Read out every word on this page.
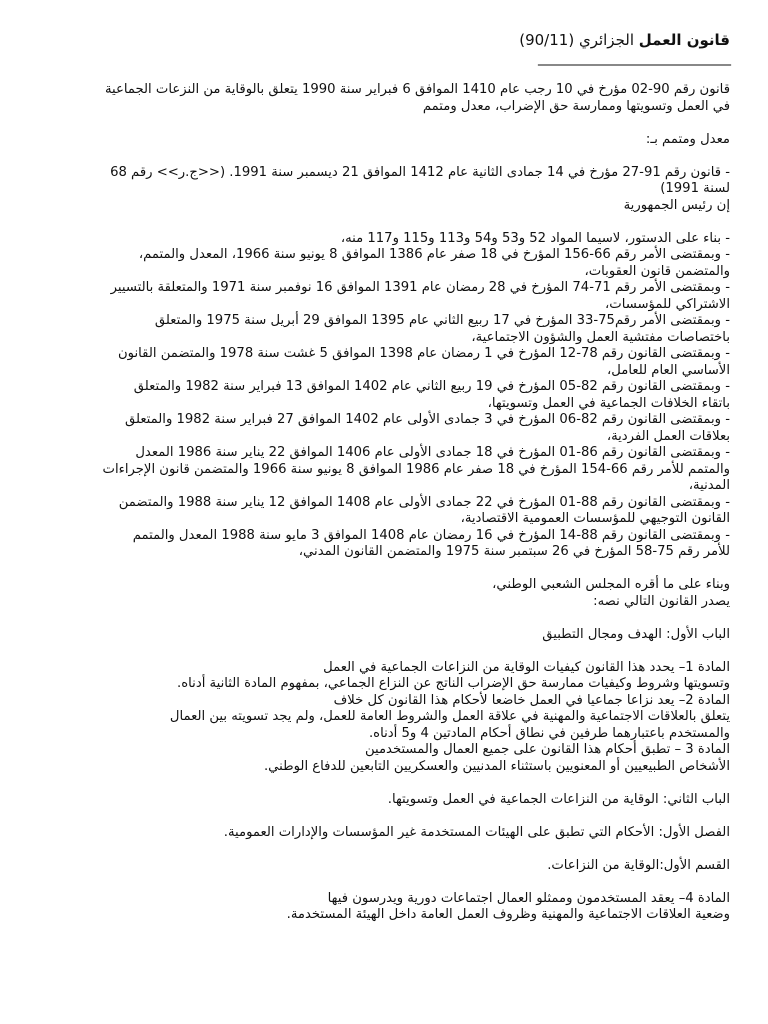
قانون العمل الجزائري (90/11)

________________________________

قانون رقم 90-02 مؤرخ في 10 رجب عام 1410 الموافق 6 فبراير سنة 1990 يتعلق بالوقاية من النزعات الجماعية

في العمل وتسويتها وممارسة حق الإضراب، معدل ومتمم

معدل ومتمم بـ:

- قانون رقم 91-27 مؤرخ في 14 جمادى الثانية عام 1412 الموافق 21 ديسمبر سنة 1991. (<<ج.ر>> رقم 68

لسنة 1991)

إن رئيس الجمهورية

- بناء على الدستور، لاسيما المواد 52 و53 و54 و113 و115 و117 منه،

- وبمقتضى الأمر رقم 66-156 المؤرخ في 18 صفر عام 1386 الموافق 8 يونيو سنة 1966، المعدل والمتمم،

والمتضمن قانون العقوبات،

- وبمقتضى الأمر رقم 71-74 المؤرخ في 28 رمضان عام 1391 الموافق 16 نوفمبر سنة 1971 والمتعلقة بالتسيير

الاشتراكي للمؤسسات،

- وبمقتضى الأمر رقم75-33 المؤرخ في 17 ربيع الثاني عام 1395 الموافق 29 أبريل سنة 1975 والمتعلق

باختصاصات مفتشية العمل والشؤون الاجتماعية،

- وبمقتضى القانون رقم 78-12 المؤرخ في 1 رمضان عام 1398 الموافق 5 غشت سنة 1978 والمتضمن القانون

الأساسي العام للعامل،

- وبمقتضى القانون رقم 82-05 المؤرخ في 19 ربيع الثاني عام 1402 الموافق 13 فبراير سنة 1982 والمتعلق

باتقاء الخلافات الجماعية في العمل وتسويتها،

- وبمقتضى القانون رقم 82-06 المؤرخ في 3 جمادى الأولى عام 1402 الموافق 27 فبراير سنة 1982 والمتعلق

بعلاقات العمل الفردية،

- وبمقتضى القانون رقم 86-01 المؤرخ في 18 جمادى الأولى عام 1406 الموافق 22 يناير سنة 1986 المعدل

والمتمم للأمر رقم 66-154 المؤرخ في 18 صفر عام 1986 الموافق 8 يونيو سنة 1966 والمتضمن قانون الإجراءات

المدنية،

- وبمقتضى القانون رقم 88-01 المؤرخ في 22 جمادى الأولى عام 1408 الموافق 12 يناير سنة 1988 والمتضمن

القانون التوجيهي للمؤسسات العمومية الاقتصادية،

- وبمقتضى القانون رقم 88-14 المؤرخ في 16 رمضان عام 1408 الموافق 3 مايو سنة 1988 المعدل والمتمم

للأمر رقم 75-58 المؤرخ في 26 سبتمبر سنة 1975 والمتضمن القانون المدني،

وبناء على ما أقره المجلس الشعبي الوطني،

يصدر القانون التالي نصه:

الباب الأول: الهدف ومجال التطبيق

المادة 1– يحدد هذا القانون كيفيات الوقاية من النزاعات الجماعية في العمل

وتسويتها وشروط وكيفيات ممارسة حق الإضراب الناتج عن النزاع الجماعي، بمفهوم المادة الثانية أدناه.

المادة 2– يعد نزاعا جماعيا في العمل خاضعا لأحكام هذا القانون كل خلاف

يتعلق بالعلاقات الاجتماعية والمهنية في علاقة العمل والشروط العامة للعمل، ولم يجد تسويته بين العمال

والمستخدم باعتبارهما طرفين في نطاق أحكام المادتين 4 و5 أدناه.

المادة 3 – تطبق أحكام هذا القانون على جميع العمال والمستخدمين

الأشخاص الطبيعيين أو المعنويين باستثناء المدنيين والعسكريين التابعين للدفاع الوطني.

الباب الثاني: الوقاية من النزاعات الجماعية في العمل وتسويتها.

الفصل الأول: الأحكام التي تطبق على الهيئات المستخدمة غير المؤسسات والإدارات العمومية.

القسم الأول:الوقاية من النزاعات.

المادة 4– يعقد المستخدمون وممثلو العمال اجتماعات دورية ويدرسون فيها

وضعية العلاقات الاجتماعية والمهنية وظروف العمل العامة داخل الهيئة المستخدمة.
